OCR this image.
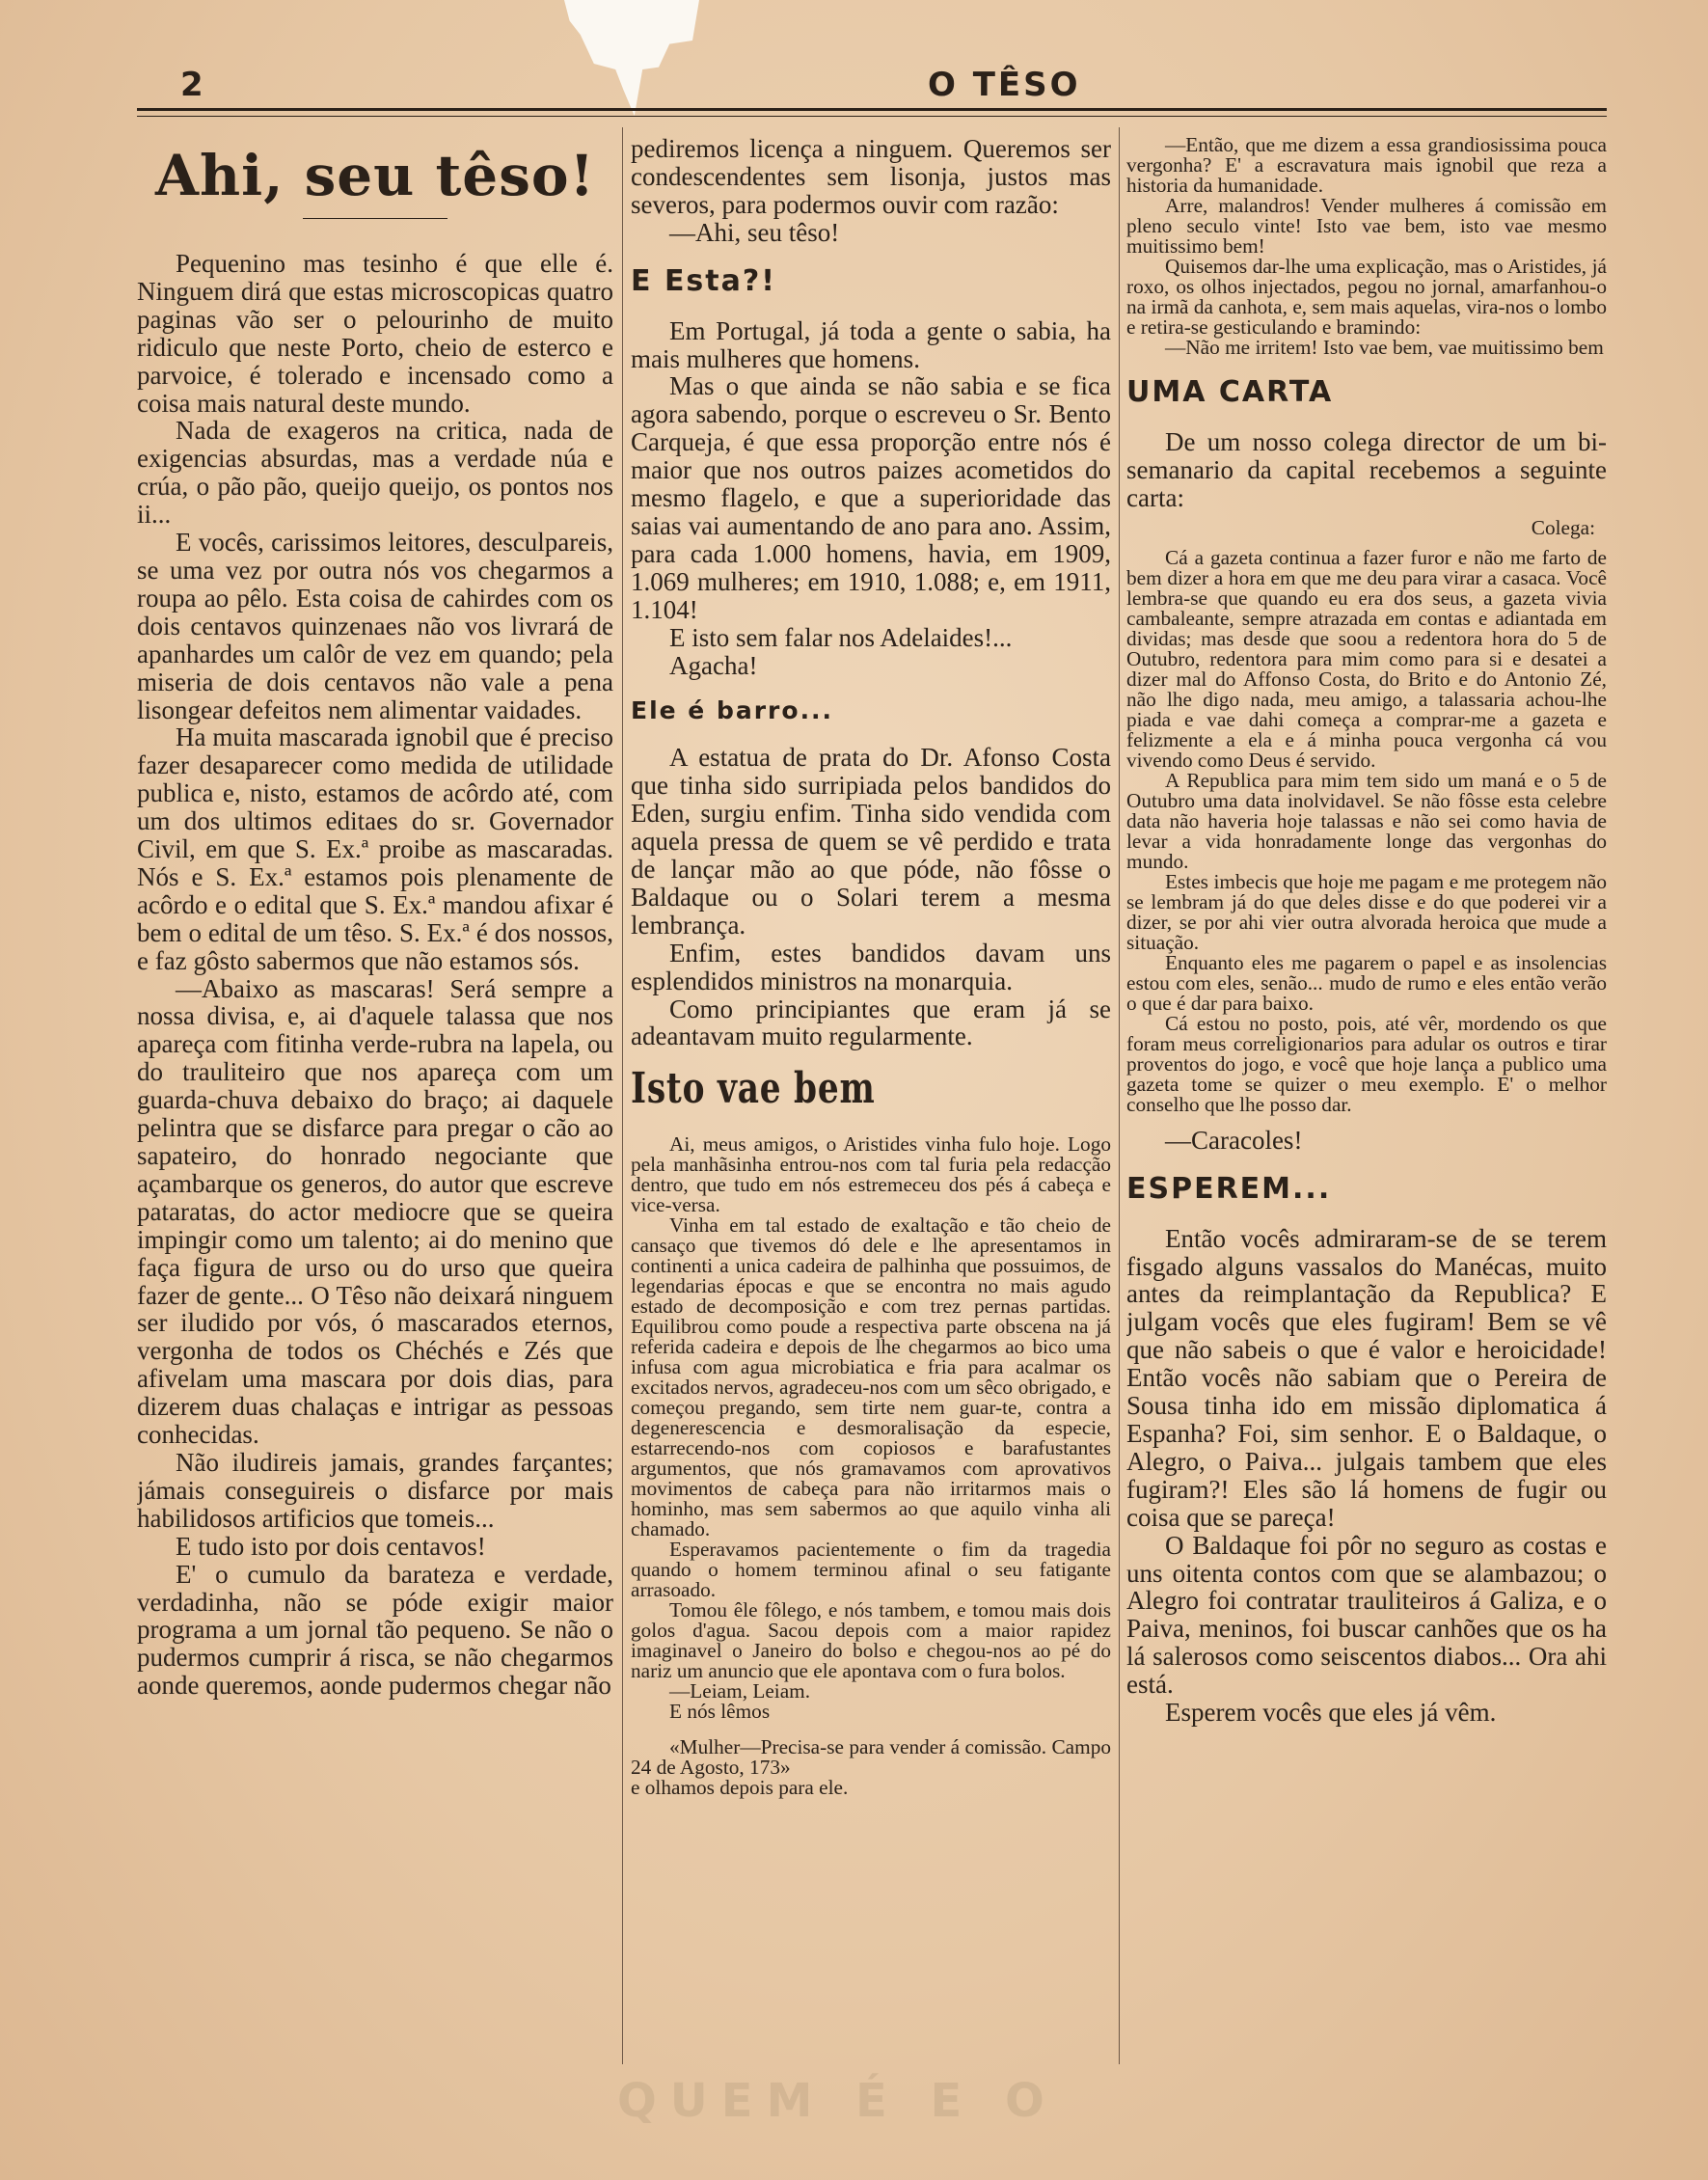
2	O TÊSO
Ahi, seu têso!

Pequenino mas tesinho é que elle é. Ninguem dirá que estas microscopicas quatro paginas vão ser o pelourinho de muito ridiculo que neste Porto, cheio de esterco e parvoice, é tolerado e incensado como a coisa mais natural deste mundo.

Nada de exageros na critica, nada de exigencias absurdas, mas a verdade núa e crúa, o pão pão, queijo queijo, os pontos nos ii...

E vocês, carissimos leitores, desculpareis, se uma vez por outra nós vos chegarmos a roupa ao pêlo. Esta coisa de cahirdes com os dois centavos quinzenaes não vos livrará de apanhardes um calôr de vez em quando; pela miseria de dois centavos não vale a pena lisongear defeitos nem alimentar vaidades.

Ha muita mascarada ignobil que é preciso fazer desaparecer como medida de utilidade publica e, nisto, estamos de acôrdo até, com um dos ultimos editaes do sr. Governador Civil, em que S. Ex.ª proibe as mascaradas. Nós e S. Ex.ª estamos pois plenamente de acôrdo e o edital que S. Ex.ª mandou afixar é bem o edital de um têso. S. Ex.ª é dos nossos, e faz gôsto sabermos que não estamos sós.

—Abaixo as mascaras! Será sempre a nossa divisa, e, ai d'aquele talassa que nos apareça com fitinha verde-rubra na lapela, ou do trauliteiro que nos apareça com um guarda-chuva debaixo do braço; ai daquele pelintra que se disfarce para pregar o cão ao sapateiro, do honrado negociante que açambarque os generos, do autor que escreve pataratas, do actor mediocre que se queira impingir como um talento; ai do menino que faça figura de urso ou do urso que queira fazer de gente... O Têso não deixará ninguem ser iludido por vós, ó mascarados eternos, vergonha de todos os Chéchés e Zés que afivelam uma mascara por dois dias, para dizerem duas chalaças e intrigar as pessoas conhecidas.

Não iludireis jamais, grandes farçantes; jámais conseguireis o disfarce por mais habilidosos artificios que tomeis...

E tudo isto por dois centavos!

E' o cumulo da barateza e verdade, verdadinha, não se póde exigir maior programa a um jornal tão pequeno. Se não o pudermos cumprir á risca, se não chegarmos aonde queremos, aonde pudermos chegar não

pediremos licença a ninguem. Queremos ser condescendentes sem lisonja, justos mas severos, para podermos ouvir com razão:

—Ahi, seu têso!

E Esta?!

Em Portugal, já toda a gente o sabia, ha mais mulheres que homens.

Mas o que ainda se não sabia e se fica agora sabendo, porque o escreveu o Sr. Bento Carqueja, é que essa proporção entre nós é maior que nos outros paizes acometidos do mesmo flagelo, e que a superioridade das saias vai aumentando de ano para ano. Assim, para cada 1.000 homens, havia, em 1909, 1.069 mulheres; em 1910, 1.088; e, em 1911, 1.104!

E isto sem falar nos Adelaides!...

Agacha!

Ele é barro...

A estatua de prata do Dr. Afonso Costa que tinha sido surripiada pelos bandidos do Eden, surgiu enfim. Tinha sido vendida com aquela pressa de quem se vê perdido e trata de lançar mão ao que póde, não fôsse o Baldaque ou o Solari terem a mesma lembrança.

Enfim, estes bandidos davam uns esplendidos ministros na monarquia.

Como principiantes que eram já se adeantavam muito regularmente.

Isto vae bem

Ai, meus amigos, o Aristides vinha fulo hoje. Logo pela manhãsinha entrou-nos com tal furia pela redacção dentro, que tudo em nós estremeceu dos pés á cabeça e vice-versa.

Vinha em tal estado de exaltação e tão cheio de cansaço que tivemos dó dele e lhe apresentamos in continenti a unica cadeira de palhinha que possuimos, de legendarias épocas e que se encontra no mais agudo estado de decomposição e com trez pernas partidas. Equilibrou como poude a respectiva parte obscena na já referida cadeira e depois de lhe chegarmos ao bico uma infusa com agua microbiatica e fria para acalmar os excitados nervos, agradeceu-nos com um sêco obrigado, e começou pregando, sem tirte nem guar-te, contra a degenerescencia e desmoralisação da especie, estarrecendo-nos com copiosos e barafustantes argumentos, que nós gramavamos com aprovativos movimentos de cabeça para não irritarmos mais o hominho, mas sem sabermos ao que aquilo vinha ali chamado.

Esperavamos pacientemente o fim da tragedia quando o homem terminou afinal o seu fatigante arrasoado.

Tomou êle fôlego, e nós tambem, e tomou mais dois golos d'agua. Sacou depois com a maior rapidez imaginavel o Janeiro do bolso e chegou-nos ao pé do nariz um anuncio que ele apontava com o fura bolos.

—Leiam, Leiam.

E nós lêmos

«Mulher—Precisa-se para vender á comissão. Campo 24 de Agosto, 173»

e olhamos depois para ele.

—Então, que me dizem a essa grandiosissima pouca vergonha? E' a escravatura mais ignobil que reza a historia da humanidade.

Arre, malandros! Vender mulheres á comissão em pleno seculo vinte! Isto vae bem, isto vae mesmo muitissimo bem!

Quisemos dar-lhe uma explicação, mas o Aristides, já roxo, os olhos injectados, pegou no jornal, amarfanhou-o na irmã da canhota, e, sem mais aquelas, vira-nos o lombo e retira-se gesticulando e bramindo:

—Não me irritem! Isto vae bem, vae muitissimo bem

UMA CARTA

De um nosso colega director de um bi-semanario da capital recebemos a seguinte carta:

Colega:

Cá a gazeta continua a fazer furor e não me farto de bem dizer a hora em que me deu para virar a casaca. Você lembra-se que quando eu era dos seus, a gazeta vivia cambaleante, sempre atrazada em contas e adiantada em dividas; mas desde que soou a redentora hora do 5 de Outubro, redentora para mim como para si e desatei a dizer mal do Affonso Costa, do Brito e do Antonio Zé, não lhe digo nada, meu amigo, a talassaria achou-lhe piada e vae dahi começa a comprar-me a gazeta e felizmente a ela e á minha pouca vergonha cá vou vivendo como Deus é servido.

A Republica para mim tem sido um maná e o 5 de Outubro uma data inolvidavel. Se não fôsse esta celebre data não haveria hoje talassas e não sei como havia de levar a vida honradamente longe das vergonhas do mundo.

Estes imbecis que hoje me pagam e me protegem não se lembram já do que deles disse e do que poderei vir a dizer, se por ahi vier outra alvorada heroica que mude a situação.

Enquanto eles me pagarem o papel e as insolencias estou com eles, senão... mudo de rumo e eles então verão o que é dar para baixo.

Cá estou no posto, pois, até vêr, mordendo os que foram meus correligionarios para adular os outros e tirar proventos do jogo, e você que hoje lança a publico uma gazeta tome se quizer o meu exemplo. E' o melhor conselho que lhe posso dar.

—Caracoles!

ESPEREM...

Então vocês admiraram-se de se terem fisgado alguns vassalos do Manécas, muito antes da reimplantação da Republica? E julgam vocês que eles fugiram! Bem se vê que não sabeis o que é valor e heroicidade! Então vocês não sabiam que o Pereira de Sousa tinha ido em missão diplomatica á Espanha? Foi, sim senhor. E o Baldaque, o Alegro, o Paiva... julgais tambem que eles fugiram?! Eles são lá homens de fugir ou coisa que se pareça!

O Baldaque foi pôr no seguro as costas e uns oitenta contos com que se alambazou; o Alegro foi contratar trauliteiros á Galiza, e o Paiva, meninos, foi buscar canhões que os ha lá salerosos como seiscentos diabos... Ora ahi está.

Esperem vocês que eles já vêm.

QUEM É E O
